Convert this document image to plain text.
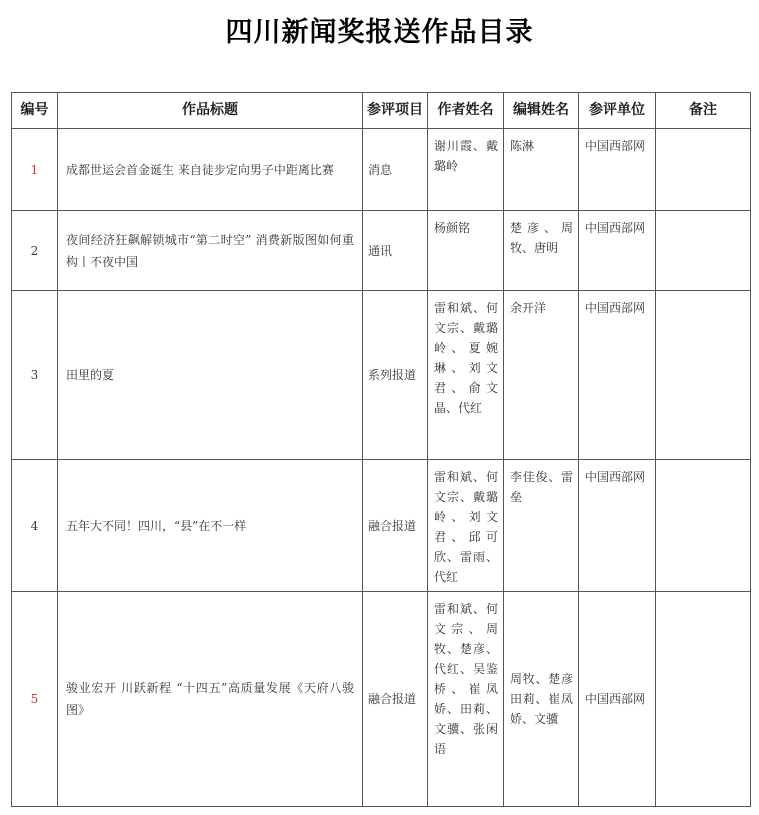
四川新闻奖报送作品目录
编号	作品标题	参评项目	作者姓名	编辑姓名	参评单位	备注
1	成都世运会首金诞生 来自徒步定向男子中距离比赛	消息	谢川霞、戴璐岭	陈淋	中国西部网	
2	夜间经济狂飙解锁城市“第二时空” 消费新版图如何重构丨不夜中国	通讯	杨颜铭	楚彦、周牧、唐明	中国西部网	
3	田里的夏	系列报道	雷和斌、何文宗、戴璐岭、夏婉琳、刘文君、俞文晶、代红	余开洋	中国西部网	
4	五年大不同！四川，“县”在不一样	融合报道	雷和斌、何文宗、戴璐岭、刘文君、邱可欣、雷雨、代红	李佳俊、雷垒	中国西部网	
5	骏业宏开 川跃新程 “十四五”高质量发展《天府八骏图》	融合报道	雷和斌、何文宗、周牧、楚彦、代红、吴鉴桥、崔凤娇、田莉、文骥、张闲语	周牧、楚彦田莉、崔凤娇、文骥	中国西部网	
